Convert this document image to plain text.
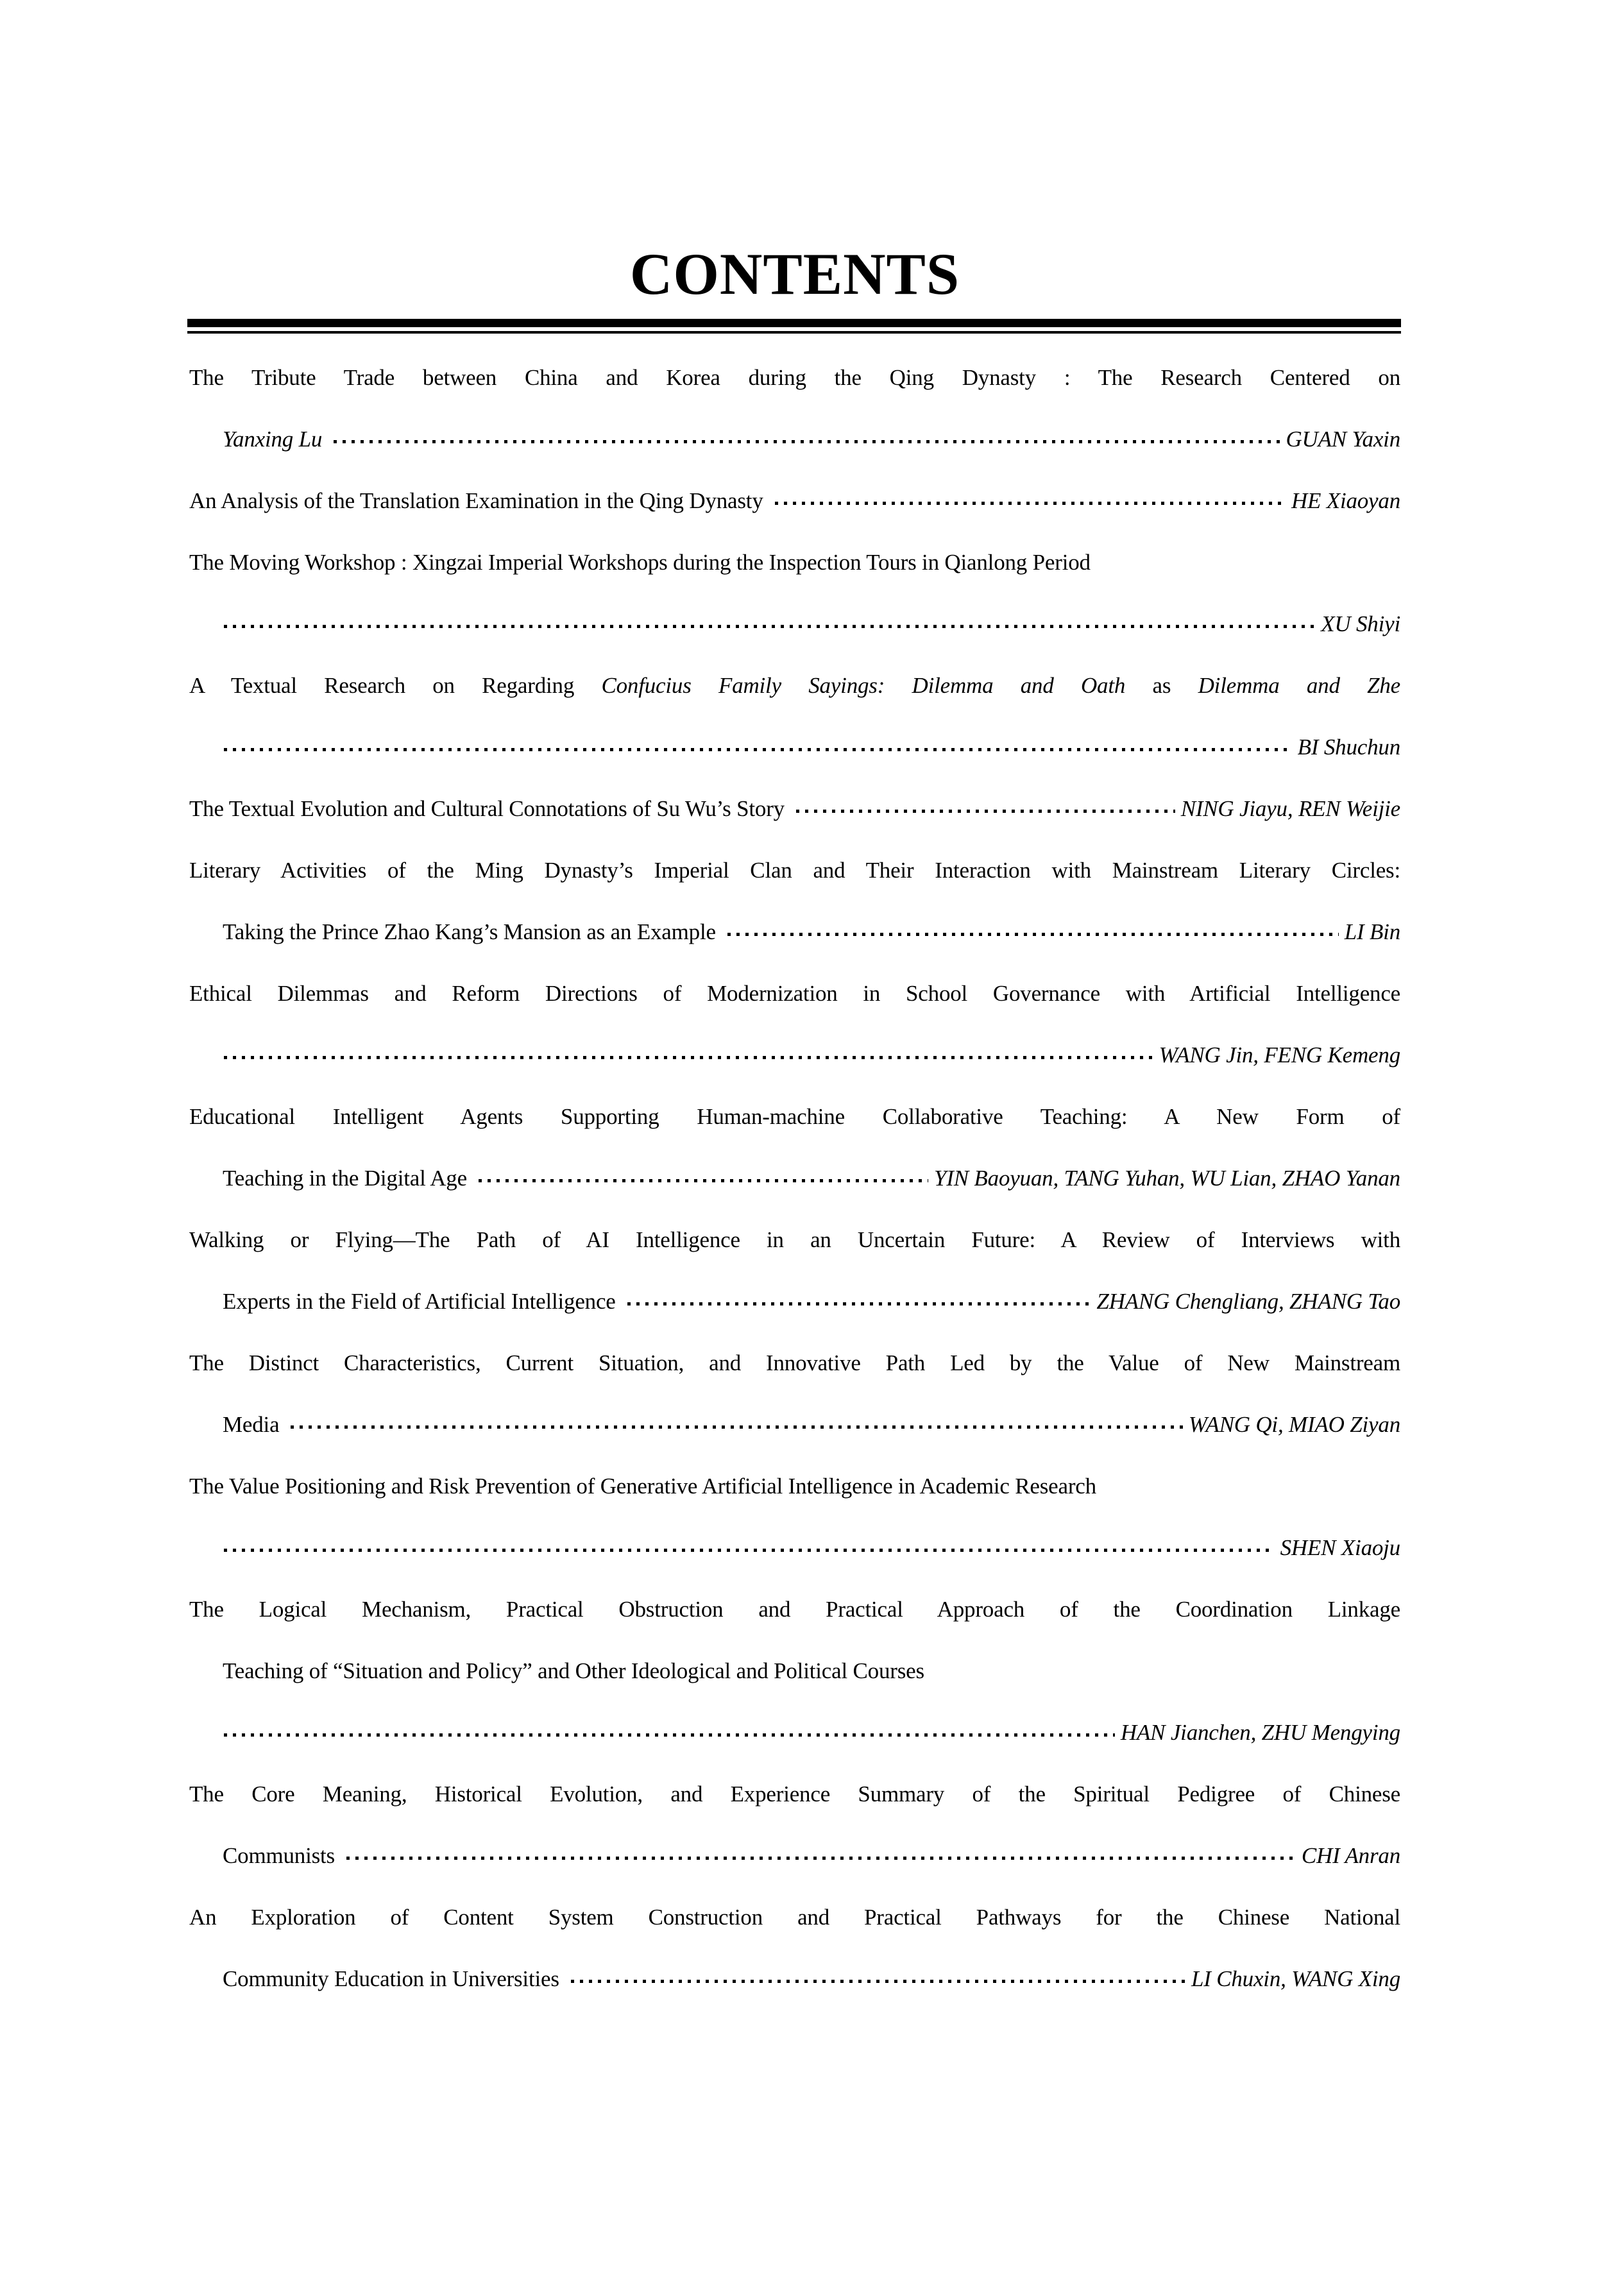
CONTENTS
The Tribute Trade between China and Korea during the Qing Dynasty : The Research Centered on
Yanxing Lu	GUAN Yaxin
An Analysis of the Translation Examination in the Qing Dynasty	HE Xiaoyan
The Moving Workshop : Xingzai Imperial Workshops during the Inspection Tours in Qianlong Period
XU Shiyi
A Textual Research on Regarding Confucius Family Sayings: Dilemma and Oath as Dilemma and Zhe
BI Shuchun
The Textual Evolution and Cultural Connotations of Su Wu’s Story	NING Jiayu, REN Weijie
Literary Activities of the Ming Dynasty’s Imperial Clan and Their Interaction with Mainstream Literary Circles:
Taking the Prince Zhao Kang’s Mansion as an Example	LI Bin
Ethical Dilemmas and Reform Directions of Modernization in School Governance with Artificial Intelligence
WANG Jin, FENG Kemeng
Educational Intelligent Agents Supporting Human-machine Collaborative Teaching: A New Form of
Teaching in the Digital Age	YIN Baoyuan, TANG Yuhan, WU Lian, ZHAO Yanan
Walking or Flying—The Path of AI Intelligence in an Uncertain Future: A Review of Interviews with
Experts in the Field of Artificial Intelligence	ZHANG Chengliang, ZHANG Tao
The Distinct Characteristics, Current Situation, and Innovative Path Led by the Value of New Mainstream
Media	WANG Qi, MIAO Ziyan
The Value Positioning and Risk Prevention of Generative Artificial Intelligence in Academic Research
SHEN Xiaoju
The Logical Mechanism, Practical Obstruction and Practical Approach of the Coordination Linkage
Teaching of “Situation and Policy” and Other Ideological and Political Courses
HAN Jianchen, ZHU Mengying
The Core Meaning, Historical Evolution, and Experience Summary of the Spiritual Pedigree of Chinese
Communists	CHI Anran
An Exploration of Content System Construction and Practical Pathways for the Chinese National
Community Education in Universities	LI Chuxin, WANG Xing
